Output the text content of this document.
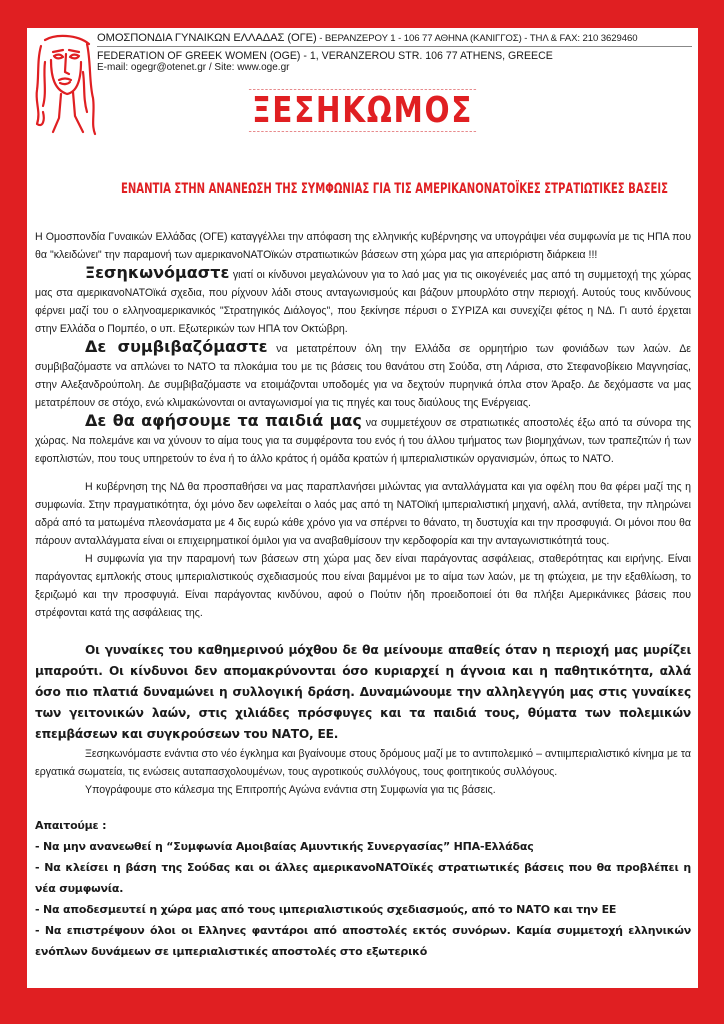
ΟΜΟΣΠΟΝΔΙΑ ΓΥΝΑΙΚΩΝ ΕΛΛΑΔΑΣ (ΟΓΕ) - ΒΕΡΑΝΖΕΡΟΥ 1 - 106 77 ΑΘΗΝΑ (ΚΑΝΙΓΓΟΣ) - ΤΗΛ & FAX: 210 3629460
FEDERATION OF GREEK WOMEN (OGE) - 1, VERANZEROU STR. 106 77 ATHENS, GREECE
E-mail: ogegr@otenet.gr / Site: www.oge.gr
ΞΕΣΗΚΩΜΟΣ
ΕΝΑΝΤΙΑ ΣΤΗΝ ΑΝΑΝΕΩΣΗ ΤΗΣ ΣΥΜΦΩΝΙΑΣ ΓΙΑ ΤΙΣ ΑΜΕΡΙΚΑΝΟΝΑΤΟΪΚΕΣ ΣΤΡΑΤΙΩΤΙΚΕΣ ΒΑΣΕΙΣ

Η Ομοσπονδία Γυναικών Ελλάδας (ΟΓΕ) καταγγέλλει την απόφαση της ελληνικής κυβέρνησης να υπογράψει νέα συμφωνία με τις ΗΠΑ που θα "κλειδώνει" την παραμονή των αμερικανοΝΑΤΟϊκών στρατιωτικών βάσεων στη χώρα μας για απεριόριστη διάρκεια !!!

Ξεσηκωνόμαστε γιατί οι κίνδυνοι μεγαλώνουν για το λαό μας για τις οικογένειές μας από τη συμμετοχή της χώρας μας στα αμερικανοΝΑΤΟϊκά σχεδια, που ρίχνουν λάδι στους ανταγωνισμούς και βάζουν μπουρλότο στην περιοχή. Αυτούς τους κινδύνους φέρνει μαζί του ο ελληνοαμερικανικός "Στρατηγικός Διάλογος", που ξεκίνησε πέρυσι ο ΣΥΡΙΖΑ και συνεχίζει φέτος η ΝΔ. Γι αυτό έρχεται στην Ελλάδα ο Πομπέο, ο υπ. Εξωτερικών των ΗΠΑ τον Οκτώβρη.

Δε συμβιβαζόμαστε να μετατρέπουν όλη την Ελλάδα σε ορμητήριο των φονιάδων των λαών. Δε συμβιβαζόμαστε να απλώνει το ΝΑΤΟ τα πλοκάμια του με τις βάσεις του θανάτου στη Σούδα, στη Λάρισα, στο Στεφανοβίκειο Μαγνησίας, στην Αλεξανδρούπολη. Δε συμβιβαζόμαστε να ετοιμάζονται υποδομές για να δεχτούν πυρηνικά όπλα στον Άραξο. Δε δεχόμαστε να μας μετατρέπουν σε στόχο, ενώ κλιμακώνονται οι ανταγωνισμοί για τις πηγές και τους διαύλους της Ενέργειας.

Δε θα αφήσουμε τα παιδιά μας να συμμετέχουν σε στρατιωτικές αποστολές έξω από τα σύνορα της χώρας. Να πολεμάνε και να χύνουν το αίμα τους για τα συμφέροντα του ενός ή του άλλου τμήματος των βιομηχάνων, των τραπεζιτών ή των εφοπλιστών, που τους υπηρετούν το ένα ή το άλλο κράτος ή ομάδα κρατών ή ιμπεριαλιστικών οργανισμών, όπως το ΝΑΤΟ.

Η κυβέρνηση της ΝΔ θα προσπαθήσει να μας παραπλανήσει μιλώντας για ανταλλάγματα και για οφέλη που θα φέρει μαζί της η συμφωνία. Στην πραγματικότητα, όχι μόνο δεν ωφελείται ο λαός μας από τη ΝΑΤΟϊκή ιμπεριαλιστική μηχανή, αλλά, αντίθετα, την πληρώνει αδρά από τα ματωμένα πλεονάσματα με 4 δις ευρώ κάθε χρόνο για να σπέρνει το θάνατο, τη δυστυχία και την προσφυγιά. Οι μόνοι που θα πάρουν ανταλλάγματα είναι οι επιχειρηματικοί όμιλοι για να αναβαθμίσουν την κερδοφορία και την ανταγωνιστικότητά τους.

Η συμφωνία για την παραμονή των βάσεων στη χώρα μας δεν είναι παράγοντας ασφάλειας, σταθερότητας και ειρήνης. Είναι παράγοντας εμπλοκής στους ιμπεριαλιστικούς σχεδιασμούς που είναι βαμμένοι με το αίμα των λαών, με τη φτώχεια, με την εξαθλίωση, το ξεριζωμό και την προσφυγιά. Είναι παράγοντας κινδύνου, αφού ο Πούτιν ήδη προειδοποιεί ότι θα πλήξει Αμερικάνικες βάσεις που στρέφονται κατά της ασφάλειας της.

Οι γυναίκες του καθημερινού μόχθου δε θα μείνουμε απαθείς όταν η περιοχή μας μυρίζει μπαρούτι. Οι κίνδυνοι δεν απομακρύνονται όσο κυριαρχεί η άγνοια και η παθητικότητα, αλλά όσο πιο πλατιά δυναμώνει η συλλογική δράση. Δυναμώνουμε την αλληλεγγύη μας στις γυναίκες των γειτονικών λαών, στις χιλιάδες πρόσφυγες και τα παιδιά τους, θύματα των πολεμικών επεμβάσεων και συγκρούσεων του ΝΑΤΟ, ΕΕ.

Ξεσηκωνόμαστε ενάντια στο νέο έγκλημα και βγαίνουμε στους δρόμους μαζί με το αντιπολεμικό – αντιιμπεριαλιστικό κίνημα με τα εργατικά σωματεία, τις ενώσεις αυταπασχολουμένων, τους αγροτικούς συλλόγους, τους φοιτητικούς συλλόγους.

Υπογράφουμε στο κάλεσμα της Επιτροπής Αγώνα ενάντια στη Συμφωνία για τις βάσεις.

Απαιτούμε :

- Να μην ανανεωθεί η “Συμφωνία Αμοιβαίας Αμυντικής Συνεργασίας” ΗΠΑ-Ελλάδας

- Να κλείσει η βάση της Σούδας και οι άλλες αμερικανοΝΑΤΟϊκές στρατιωτικές βάσεις που θα προβλέπει η νέα συμφωνία.

- Να αποδεσμευτεί η χώρα μας από τους ιμπεριαλιστικούς σχεδιασμούς, από το ΝΑΤΟ και την ΕΕ

- Να επιστρέψουν όλοι οι Ελληνες φαντάροι από αποστολές εκτός συνόρων. Καμία συμμετοχή ελληνικών ενόπλων δυνάμεων σε ιμπεριαλιστικές αποστολές στο εξωτερικό
